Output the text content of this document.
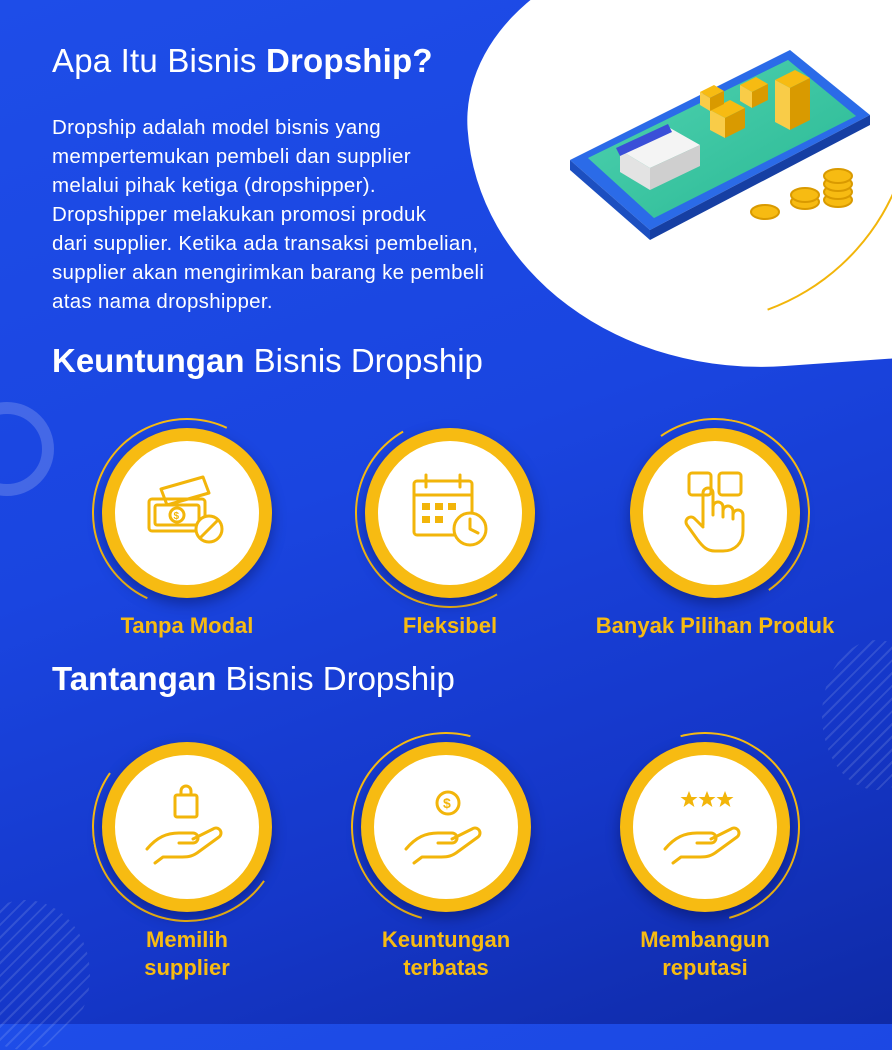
Apa Itu Bisnis Dropship?

Dropship adalah model bisnis yang
mempertemukan pembeli dan supplier
melalui pihak ketiga (dropshipper).
Dropshipper melakukan promosi produk
dari supplier. Ketika ada transaksi pembelian,
supplier akan mengirimkan barang ke pembeli
atas nama dropshipper.

Keuntungan Bisnis Dropship
$
Tanpa Modal	Fleksibel	Banyak Pilihan Produk
Tantangan Bisnis Dropship
Memilih
supplier
$
Keuntungan
terbatas
Membangun
reputasi
